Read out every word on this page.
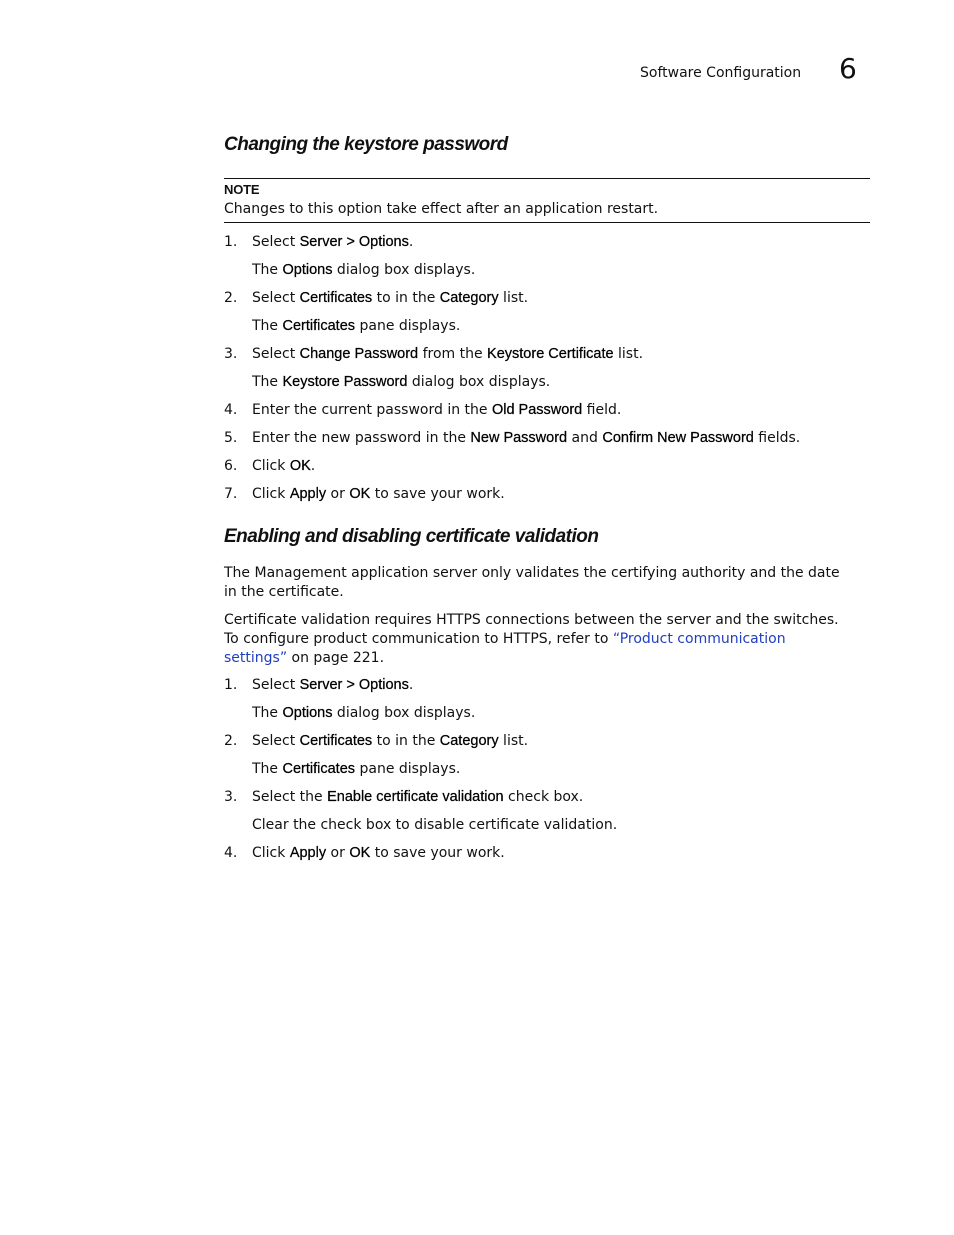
Software Configuration 6
Changing the keystore password
NOTE
Changes to this option take effect after an application restart.
1. Select Server > Options.
The Options dialog box displays.
2. Select Certificates to in the Category list.
The Certificates pane displays.
3. Select Change Password from the Keystore Certificate list.
The Keystore Password dialog box displays.
4. Enter the current password in the Old Password field.
5. Enter the new password in the New Password and Confirm New Password fields.
6. Click OK.
7. Click Apply or OK to save your work.
Enabling and disabling certificate validation
The Management application server only validates the certifying authority and the date in the certificate.
Certificate validation requires HTTPS connections between the server and the switches. To configure product communication to HTTPS, refer to “Product communication settings” on page 221.
1. Select Server > Options.
The Options dialog box displays.
2. Select Certificates to in the Category list.
The Certificates pane displays.
3. Select the Enable certificate validation check box.
Clear the check box to disable certificate validation.
4. Click Apply or OK to save your work.
